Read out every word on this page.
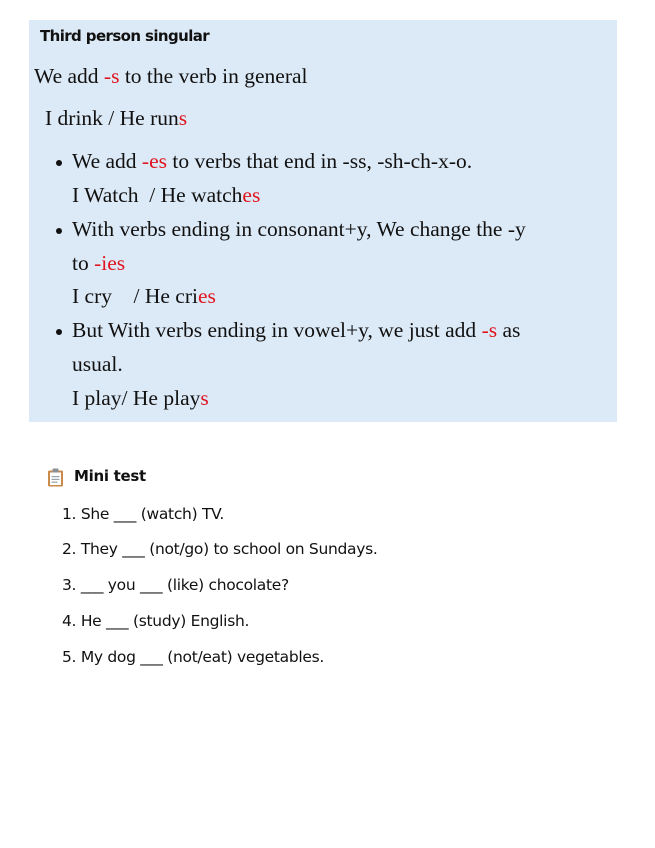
Third person singular
We add -s to the verb in general
I drink / He runs
We add -es to verbs that end in -ss, -sh-ch-x-o.
I Watch  / He watches
With verbs ending in consonant+y, We change the -y
to -ies
I cry    / He cries
But With verbs ending in vowel+y, we just add -s as
usual.
I play/ He plays
Mini test
1. She ___ (watch) TV.
2. They ___ (not/go) to school on Sundays.
3. ___ you ___ (like) chocolate?
4. He ___ (study) English.
5. My dog ___ (not/eat) vegetables.
